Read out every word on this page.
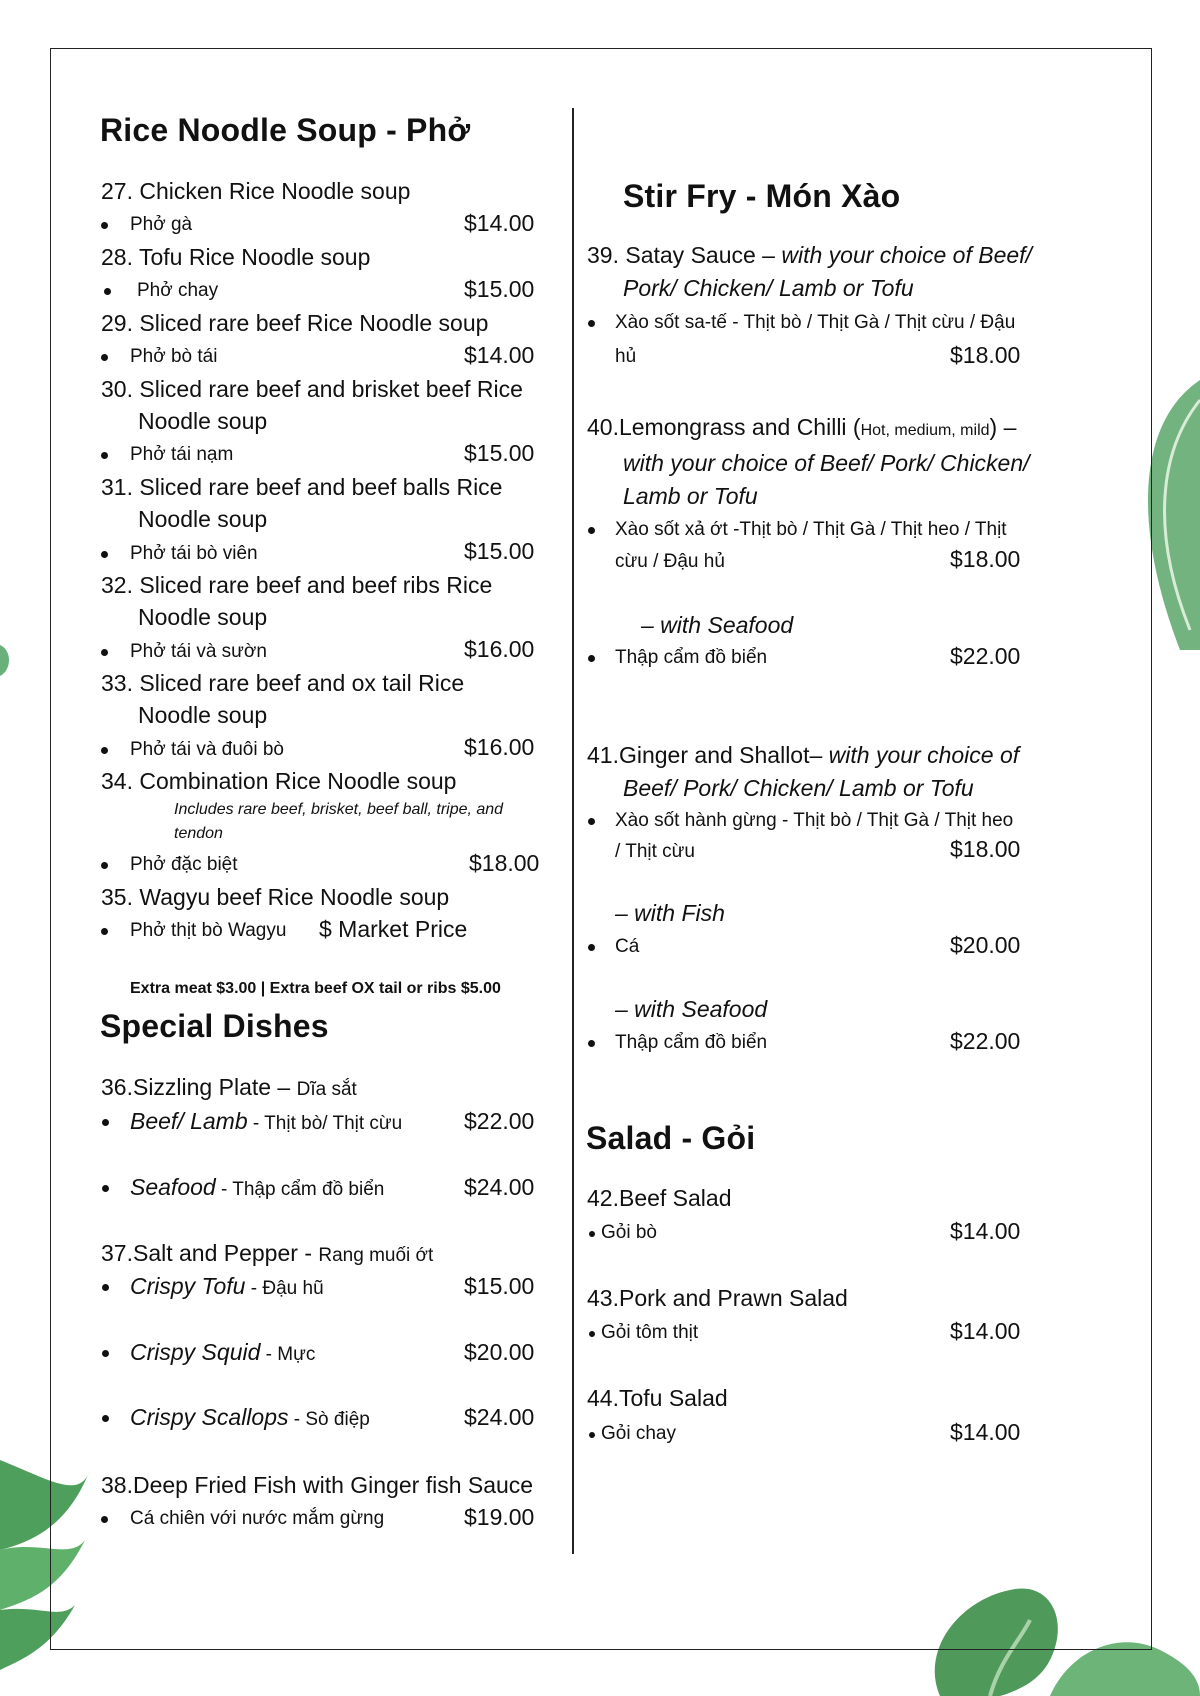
Rice Noodle Soup - Phở
27. Chicken Rice Noodle soup
Phở gà	$14.00
28. Tofu Rice Noodle soup
Phở chay	$15.00
29. Sliced rare beef Rice Noodle soup
Phở bò tái	$14.00
30. Sliced rare beef and brisket beef Rice
Noodle soup
Phở tái nạm	$15.00
31. Sliced rare beef and beef balls Rice
Noodle soup
Phở tái bò viên	$15.00
32. Sliced rare beef and beef ribs Rice
Noodle soup
Phở tái và sườn	$16.00
33. Sliced rare beef and ox tail Rice
Noodle soup
Phở tái và đuôi bò	$16.00
34. Combination Rice Noodle soup
Includes rare beef, brisket, beef ball, tripe, and
tendon
Phở đặc biệt	$18.00
35. Wagyu beef Rice Noodle soup
Phở thịt bò Wagyu $ Market Price
Extra meat $3.00 | Extra beef OX tail or ribs $5.00
Special Dishes
36.Sizzling Plate – Dĩa sắt
Beef/ Lamb - Thịt bò/ Thịt cừu	$22.00
Seafood - Thập cẩm đồ biển	$24.00
37.Salt and Pepper - Rang muối ớt
Crispy Tofu - Đậu hũ	$15.00
Crispy Squid - Mực	$20.00
Crispy Scallops - Sò điệp	$24.00
38.Deep Fried Fish with Ginger fish Sauce
Cá chiên với nước mắm gừng	$19.00
Stir Fry - Món Xào
39. Satay Sauce – with your choice of Beef/
Pork/ Chicken/ Lamb or Tofu
Xào sốt sa-tế - Thịt bò / Thịt Gà / Thịt cừu / Đậu
hủ	$18.00
40.Lemongrass and Chilli (Hot, medium, mild) –
with your choice of Beef/ Pork/ Chicken/
Lamb or Tofu
Xào sốt xả ớt -Thịt bò / Thịt Gà / Thịt heo / Thịt
cừu / Đậu hủ	$18.00
– with Seafood
Thập cẩm đồ biển	$22.00
41.Ginger and Shallot– with your choice of
Beef/ Pork/ Chicken/ Lamb or Tofu
Xào sốt hành gừng - Thịt bò / Thịt Gà / Thịt heo
/ Thịt cừu	$18.00
– with Fish
Cá	$20.00
– with Seafood
Thập cẩm đồ biển	$22.00
Salad - Gỏi
42.Beef Salad
Gỏi bò	$14.00
43.Pork and Prawn Salad
Gỏi tôm thịt	$14.00
44.Tofu Salad
Gỏi chay	$14.00
